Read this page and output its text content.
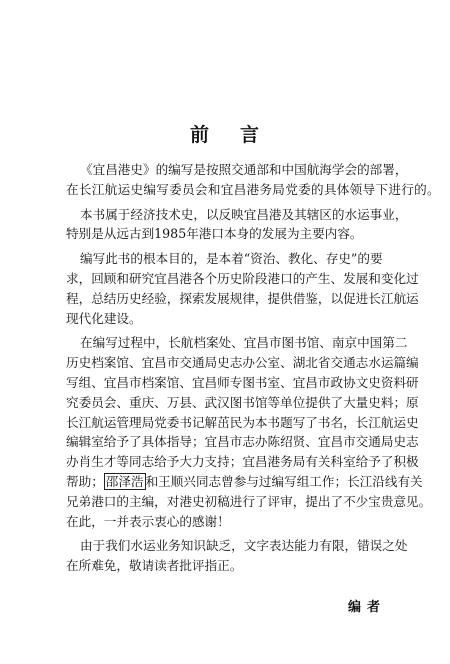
前 言
《宜昌港史》的编写是按照交通部和中国航海学会的部署，
在长江航运史编写委员会和宜昌港务局党委的具体领导下进行的。
本书属于经济技术史，以反映宜昌港及其辖区的水运事业，
特别是从远古到1985年港口本身的发展为主要内容。
编写此书的根本目的，是本着“资治、教化、存史”的要
求，回顾和研究宜昌港各个历史阶段港口的产生、发展和变化过
程，总结历史经验，探索发展规律，提供借鉴，以促进长江航运
现代化建设。
在编写过程中，长航档案处、宜昌市图书馆、南京中国第二
历史档案馆、宜昌市交通局史志办公室、湖北省交通志水运篇编
写组、宜昌市档案馆、宜昌师专图书室、宜昌市政协文史资料研
究委员会、重庆、万县、武汉图书馆等单位提供了大量史料；原
长江航运管理局党委书记解茁民为本书题写了书名，长江航运史
编辑室给予了具体指导；宜昌市志办陈绍贤、宜昌市交通局史志
办肖生才等同志给予大力支持；宜昌港务局有关科室给予了积极
帮助； 邵泽浩 和王顺兴同志曾参与过编写组工作；长江沿线有关
兄弟港口的主编，对港史初稿进行了评审，提出了不少宝贵意见。
在此，一并表示衷心的感谢！
由于我们水运业务知识缺乏，文字表达能力有限，错误之处
在所难免，敬请读者批评指正。
编者
